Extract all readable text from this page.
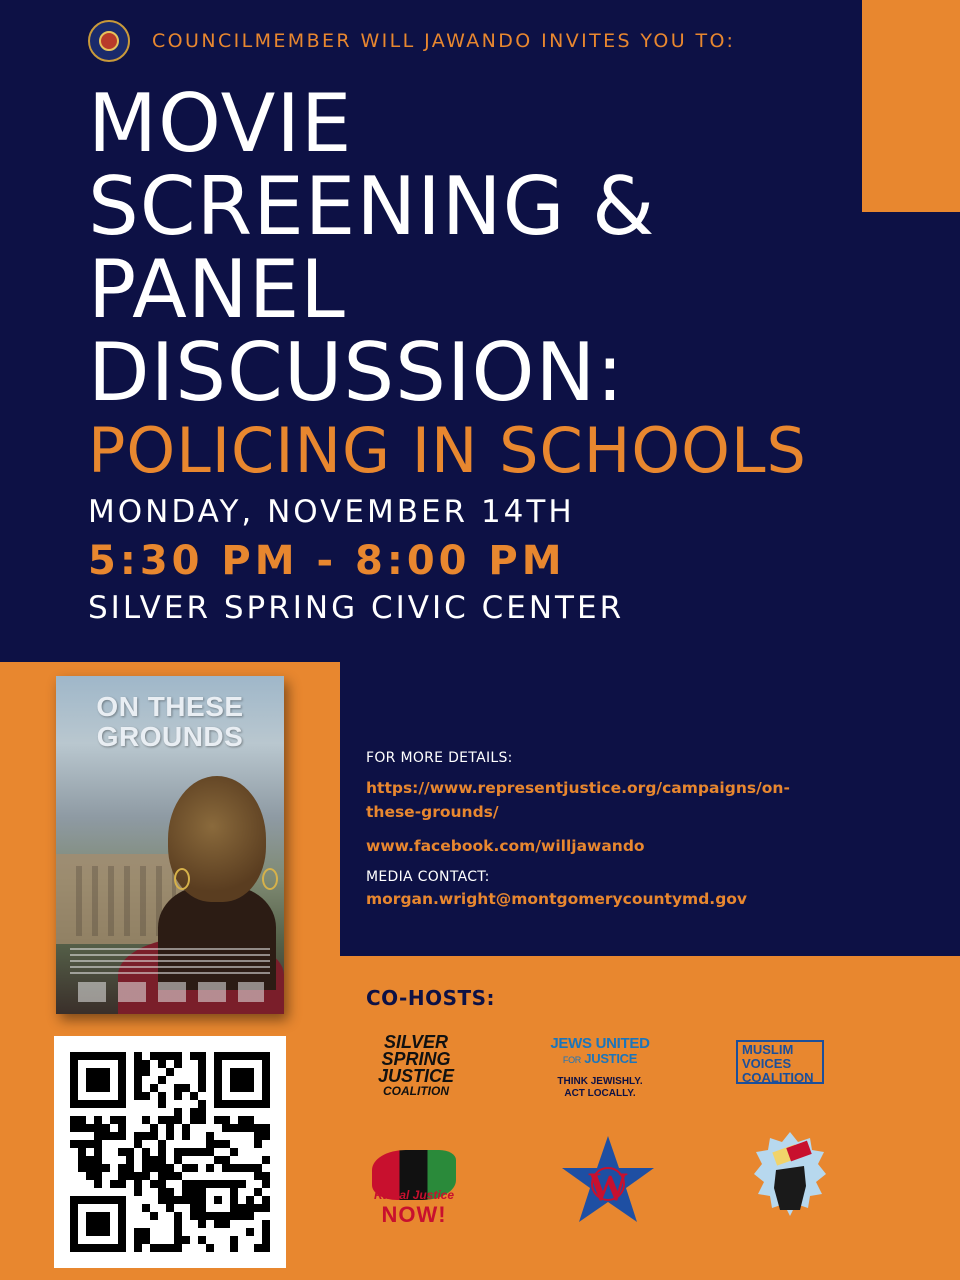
COUNCILMEMBER WILL JAWANDO INVITES YOU TO:
MOVIE
SCREENING &
PANEL
DISCUSSION:
POLICING IN SCHOOLS
MONDAY, NOVEMBER 14TH
5:30 PM - 8:00 PM
SILVER SPRING CIVIC CENTER
ON THESE
GROUNDS
FOR MORE DETAILS:
https://www.representjustice.org/campaigns/on-
these-grounds/
www.facebook.com/willjawando
MEDIA CONTACT:
morgan.wright@montgomerycountymd.gov
CO-HOSTS:
SILVER
SPRING
JUSTICE
COALITION
JEWS UNITED
FOR JUSTICE
THINK JEWISHLY.
ACT LOCALLY.
MUSLIM
VOICES
COALITION
Racial Justice
NOW!
W
